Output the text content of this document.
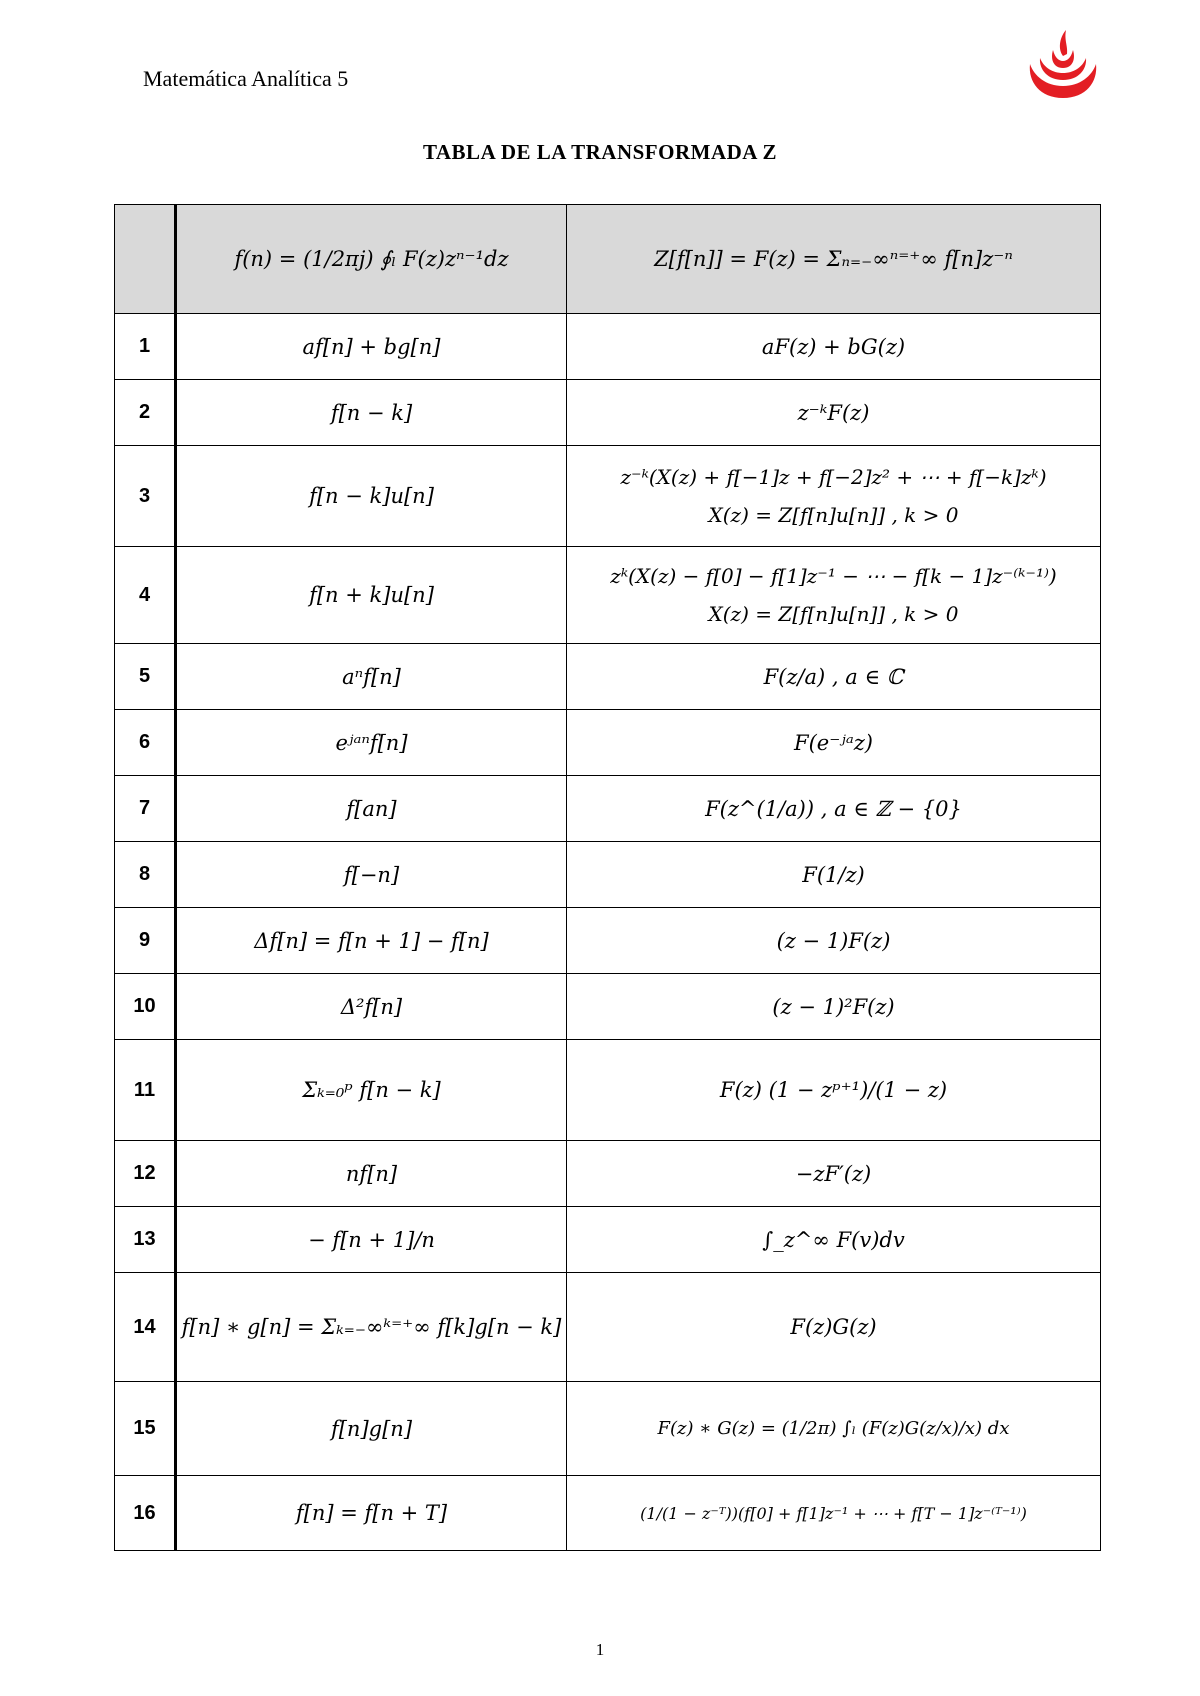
Matemática Analítica 5
TABLA DE LA TRANSFORMADA Z
	f(n) = (1/2πj) ∮ₗ F(z)zⁿ⁻¹dz	Z[f[n]] = F(z) = Σₙ₌₋∞ⁿ⁼⁺∞ f[n]z⁻ⁿ
1	af[n] + bg[n]	aF(z) + bG(z)
2	f[n − k]	z⁻ᵏF(z)
3	f[n − k]u[n]	z⁻ᵏ(X(z) + f[−1]z + f[−2]z² + ⋯ + f[−k]zᵏ)
X(z) = Z[f[n]u[n]] , k > 0

4	f[n + k]u[n]	zᵏ(X(z) − f[0] − f[1]z⁻¹ − ⋯ − f[k − 1]z⁻⁽ᵏ⁻¹⁾)
X(z) = Z[f[n]u[n]] , k > 0

5	aⁿf[n]	F(z/a) , a ∈ ℂ
6	eʲᵃⁿf[n]	F(e⁻ʲᵃz)
7	f[an]	F(z^(1/a)) , a ∈ ℤ − {0}
8	f[−n]	F(1/z)
9	Δf[n] = f[n + 1] − f[n]	(z − 1)F(z)
10	Δ²f[n]	(z − 1)²F(z)
11	Σₖ₌₀ᵖ f[n − k]	F(z) (1 − zᵖ⁺¹)/(1 − z)
12	nf[n]	−zF′(z)
13	− f[n + 1]/n	∫_z^∞ F(v)dv
14	f[n] ∗ g[n] = Σₖ₌₋∞ᵏ⁼⁺∞ f[k]g[n − k]	F(z)G(z)
15	f[n]g[n]	F(z) ∗ G(z) = (1/2π) ∫ₗ (F(z)G(z/x)/x) dx
16	f[n] = f[n + T]	(1/(1 − z⁻ᵀ))(f[0] + f[1]z⁻¹ + ⋯ + f[T − 1]z⁻⁽ᵀ⁻¹⁾)
1
